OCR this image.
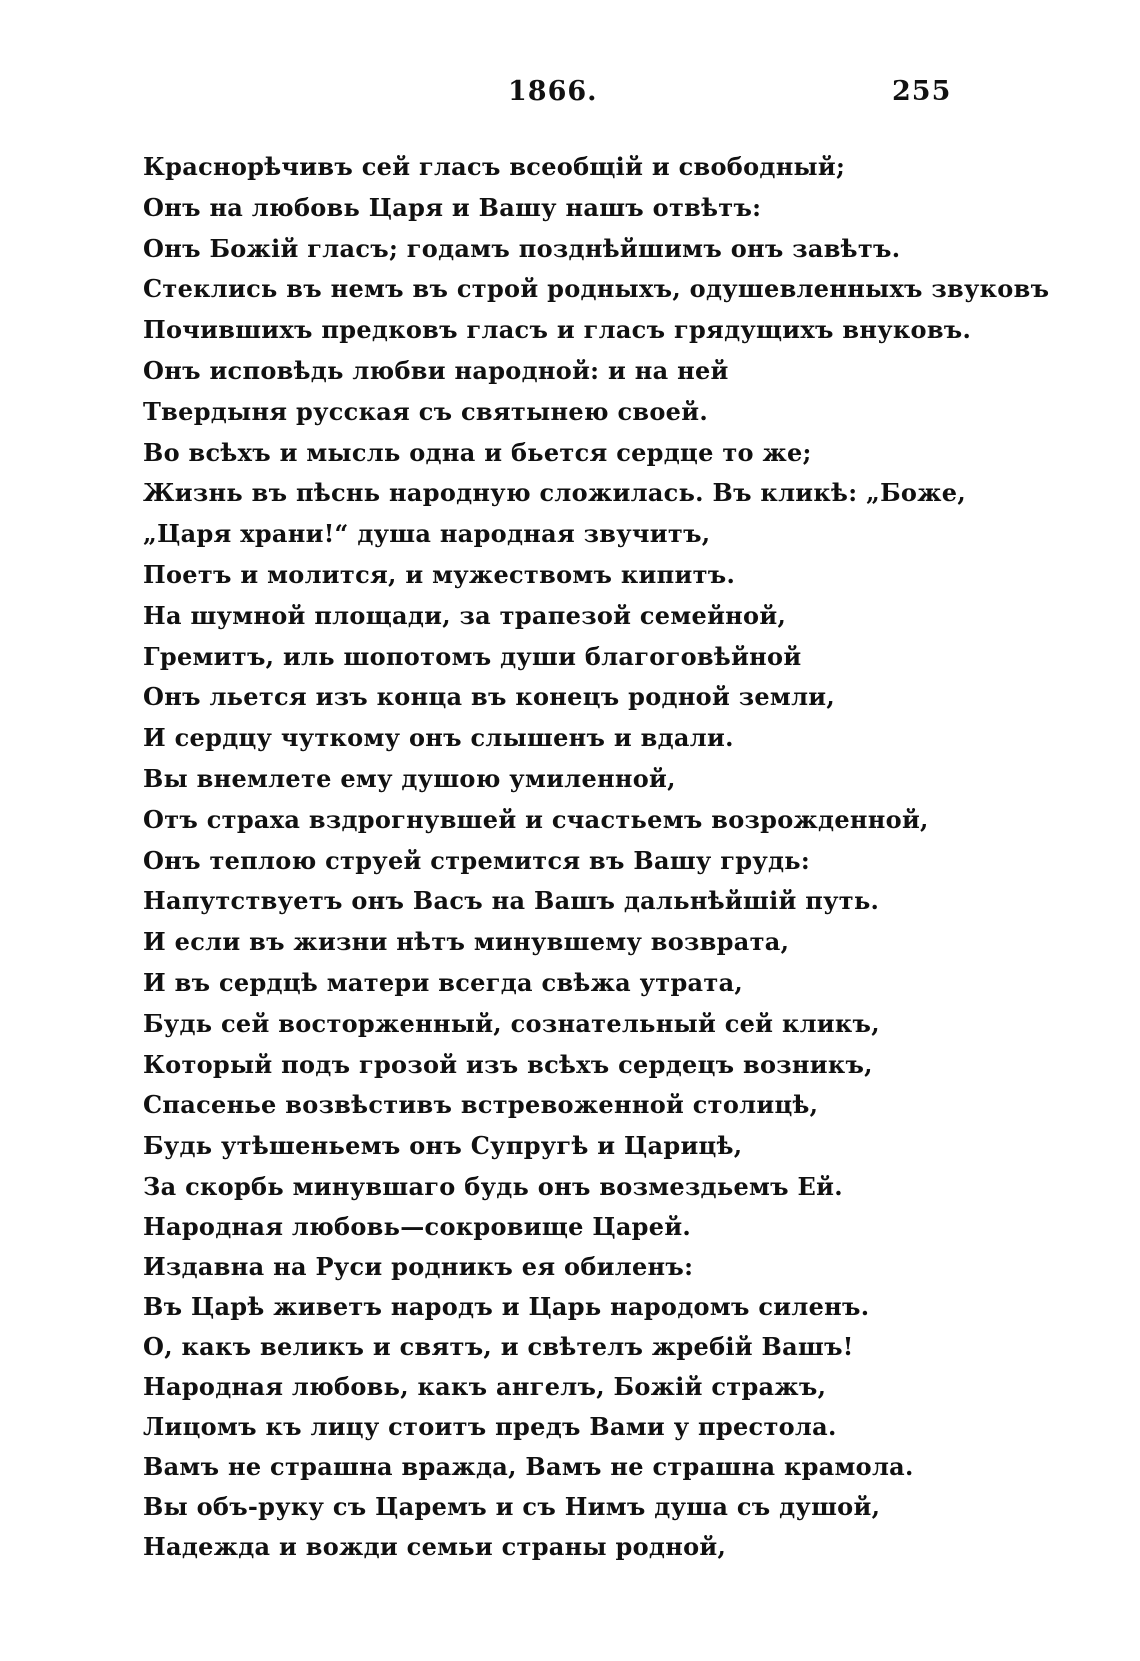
1866.	255
Краснорѣчивъ сей гласъ всеобщій и свободный;
Онъ на любовь Царя и Вашу нашъ отвѣтъ:
Онъ Божій гласъ; годамъ позднѣйшимъ онъ завѣтъ.
Стеклись въ немъ въ строй родныхъ, одушевленныхъ звуковъ
Почившихъ предковъ гласъ и гласъ грядущихъ внуковъ.
Онъ исповѣдь любви народной: и на ней
Твердыня русская съ святынею своей.
Во всѣхъ и мысль одна и бьется сердце то же;
Жизнь въ пѣснь народную сложилась. Въ кликѣ: „Боже,
„Царя храни!“ душа народная звучитъ,
Поетъ и молится, и мужествомъ кипитъ.
На шумной площади, за трапезой семейной,
Гремитъ, иль шопотомъ души благоговѣйной
Онъ льется изъ конца въ конецъ родной земли,
И сердцу чуткому онъ слышенъ и вдали.
Вы внемлете ему душою умиленной,
Отъ страха вздрогнувшей и счастьемъ возрожденной,
Онъ теплою струей стремится въ Вашу грудь:
Напутствуетъ онъ Васъ на Вашъ дальнѣйшій путь.
И если въ жизни нѣтъ минувшему возврата,
И въ сердцѣ матери всегда свѣжа утрата,
Будь сей восторженный, сознательный сей кликъ,
Который подъ грозой изъ всѣхъ сердецъ возникъ,
Спасенье возвѣстивъ встревоженной столицѣ,
Будь утѣшеньемъ онъ Супругѣ и Царицѣ,
За скорбь минувшаго будь онъ возмездьемъ Ей.
Народная любовь—сокровище Царей.
Издавна на Руси родникъ ея обиленъ:
Въ Царѣ живетъ народъ и Царь народомъ силенъ.
О, какъ великъ и святъ, и свѣтелъ жребій Вашъ!
Народная любовь, какъ ангелъ, Божій стражъ,
Лицомъ къ лицу стоитъ предъ Вами у престола.
Вамъ не страшна вражда, Вамъ не страшна крамола.
Вы объ-руку съ Царемъ и съ Нимъ душа съ душой,
Надежда и вожди семьи страны родной,
